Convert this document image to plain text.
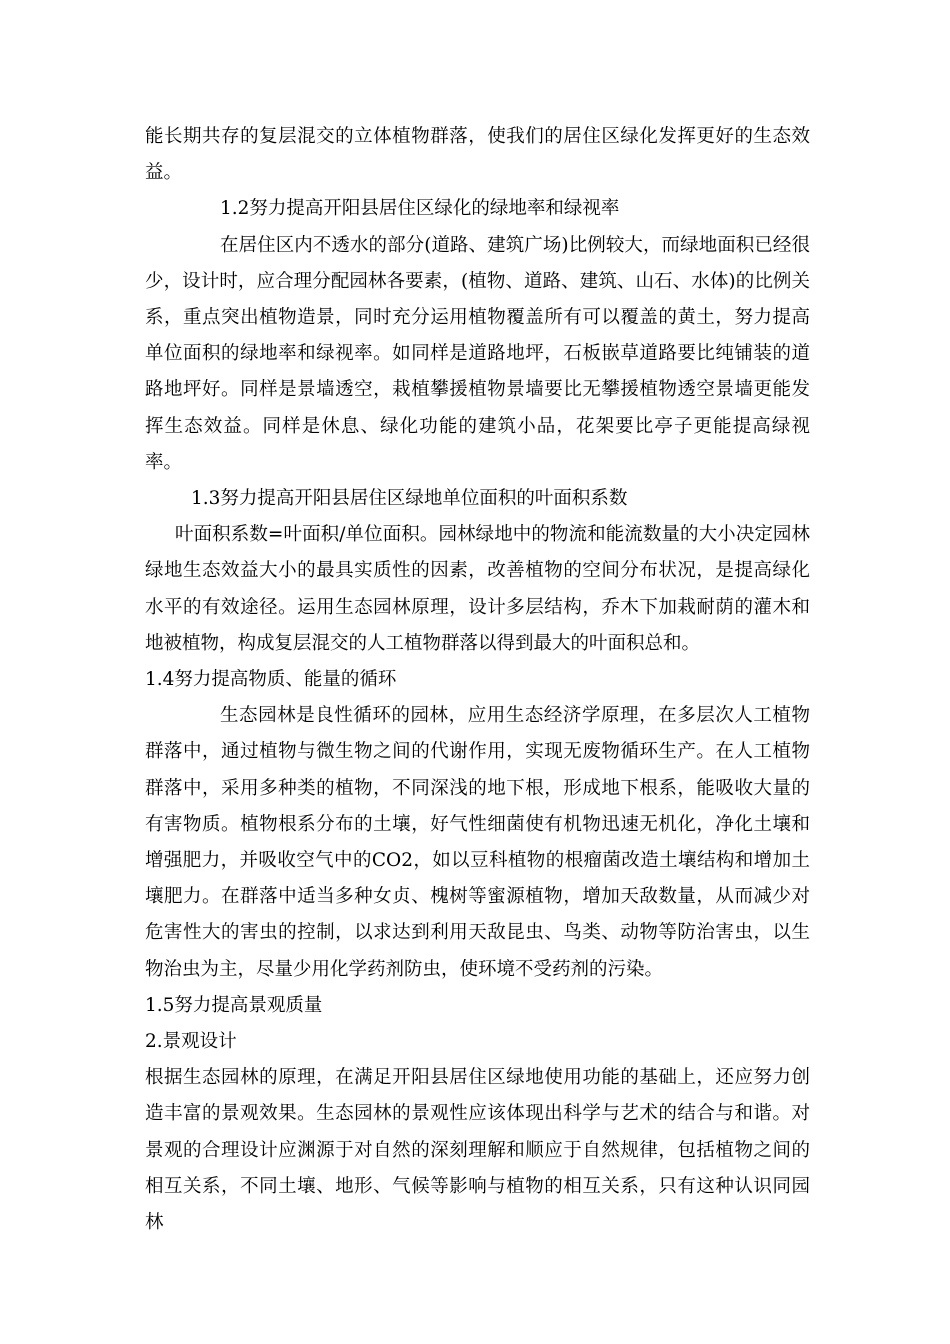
能长期共存的复层混交的立体植物群落，使我们的居住区绿化发挥更好的生态效益。

1.2努力提高开阳县居住区绿化的绿地率和绿视率

在居住区内不透水的部分(道路、建筑广场)比例较大，而绿地面积已经很少，设计时，应合理分配园林各要素，(植物、道路、建筑、山石、水体)的比例关系，重点突出植物造景，同时充分运用植物覆盖所有可以覆盖的黄土，努力提高单位面积的绿地率和绿视率。如同样是道路地坪，石板嵌草道路要比纯铺装的道路地坪好。同样是景墙透空，栽植攀援植物景墙要比无攀援植物透空景墙更能发挥生态效益。同样是休息、绿化功能的建筑小品，花架要比亭子更能提高绿视率。

1.3努力提高开阳县居住区绿地单位面积的叶面积系数

叶面积系数=叶面积/单位面积。园林绿地中的物流和能流数量的大小决定园林绿地生态效益大小的最具实质性的因素，改善植物的空间分布状况，是提高绿化水平的有效途径。运用生态园林原理，设计多层结构，乔木下加栽耐荫的灌木和地被植物，构成复层混交的人工植物群落以得到最大的叶面积总和。

1.4努力提高物质、能量的循环

生态园林是良性循环的园林，应用生态经济学原理，在多层次人工植物群落中，通过植物与微生物之间的代谢作用，实现无废物循环生产。在人工植物群落中，采用多种类的植物，不同深浅的地下根，形成地下根系，能吸收大量的有害物质。植物根系分布的土壤，好气性细菌使有机物迅速无机化，净化土壤和增强肥力，并吸收空气中的CO2，如以豆科植物的根瘤菌改造土壤结构和增加土壤肥力。在群落中适当多种女贞、槐树等蜜源植物，增加天敌数量，从而减少对危害性大的害虫的控制，以求达到利用天敌昆虫、鸟类、动物等防治害虫，以生物治虫为主，尽量少用化学药剂防虫，使环境不受药剂的污染。

1.5努力提高景观质量

2.景观设计

根据生态园林的原理，在满足开阳县居住区绿地使用功能的基础上，还应努力创造丰富的景观效果。生态园林的景观性应该体现出科学与艺术的结合与和谐。对景观的合理设计应渊源于对自然的深刻理解和顺应于自然规律，包括植物之间的相互关系，不同土壤、地形、气候等影响与植物的相互关系，只有这种认识同园林
